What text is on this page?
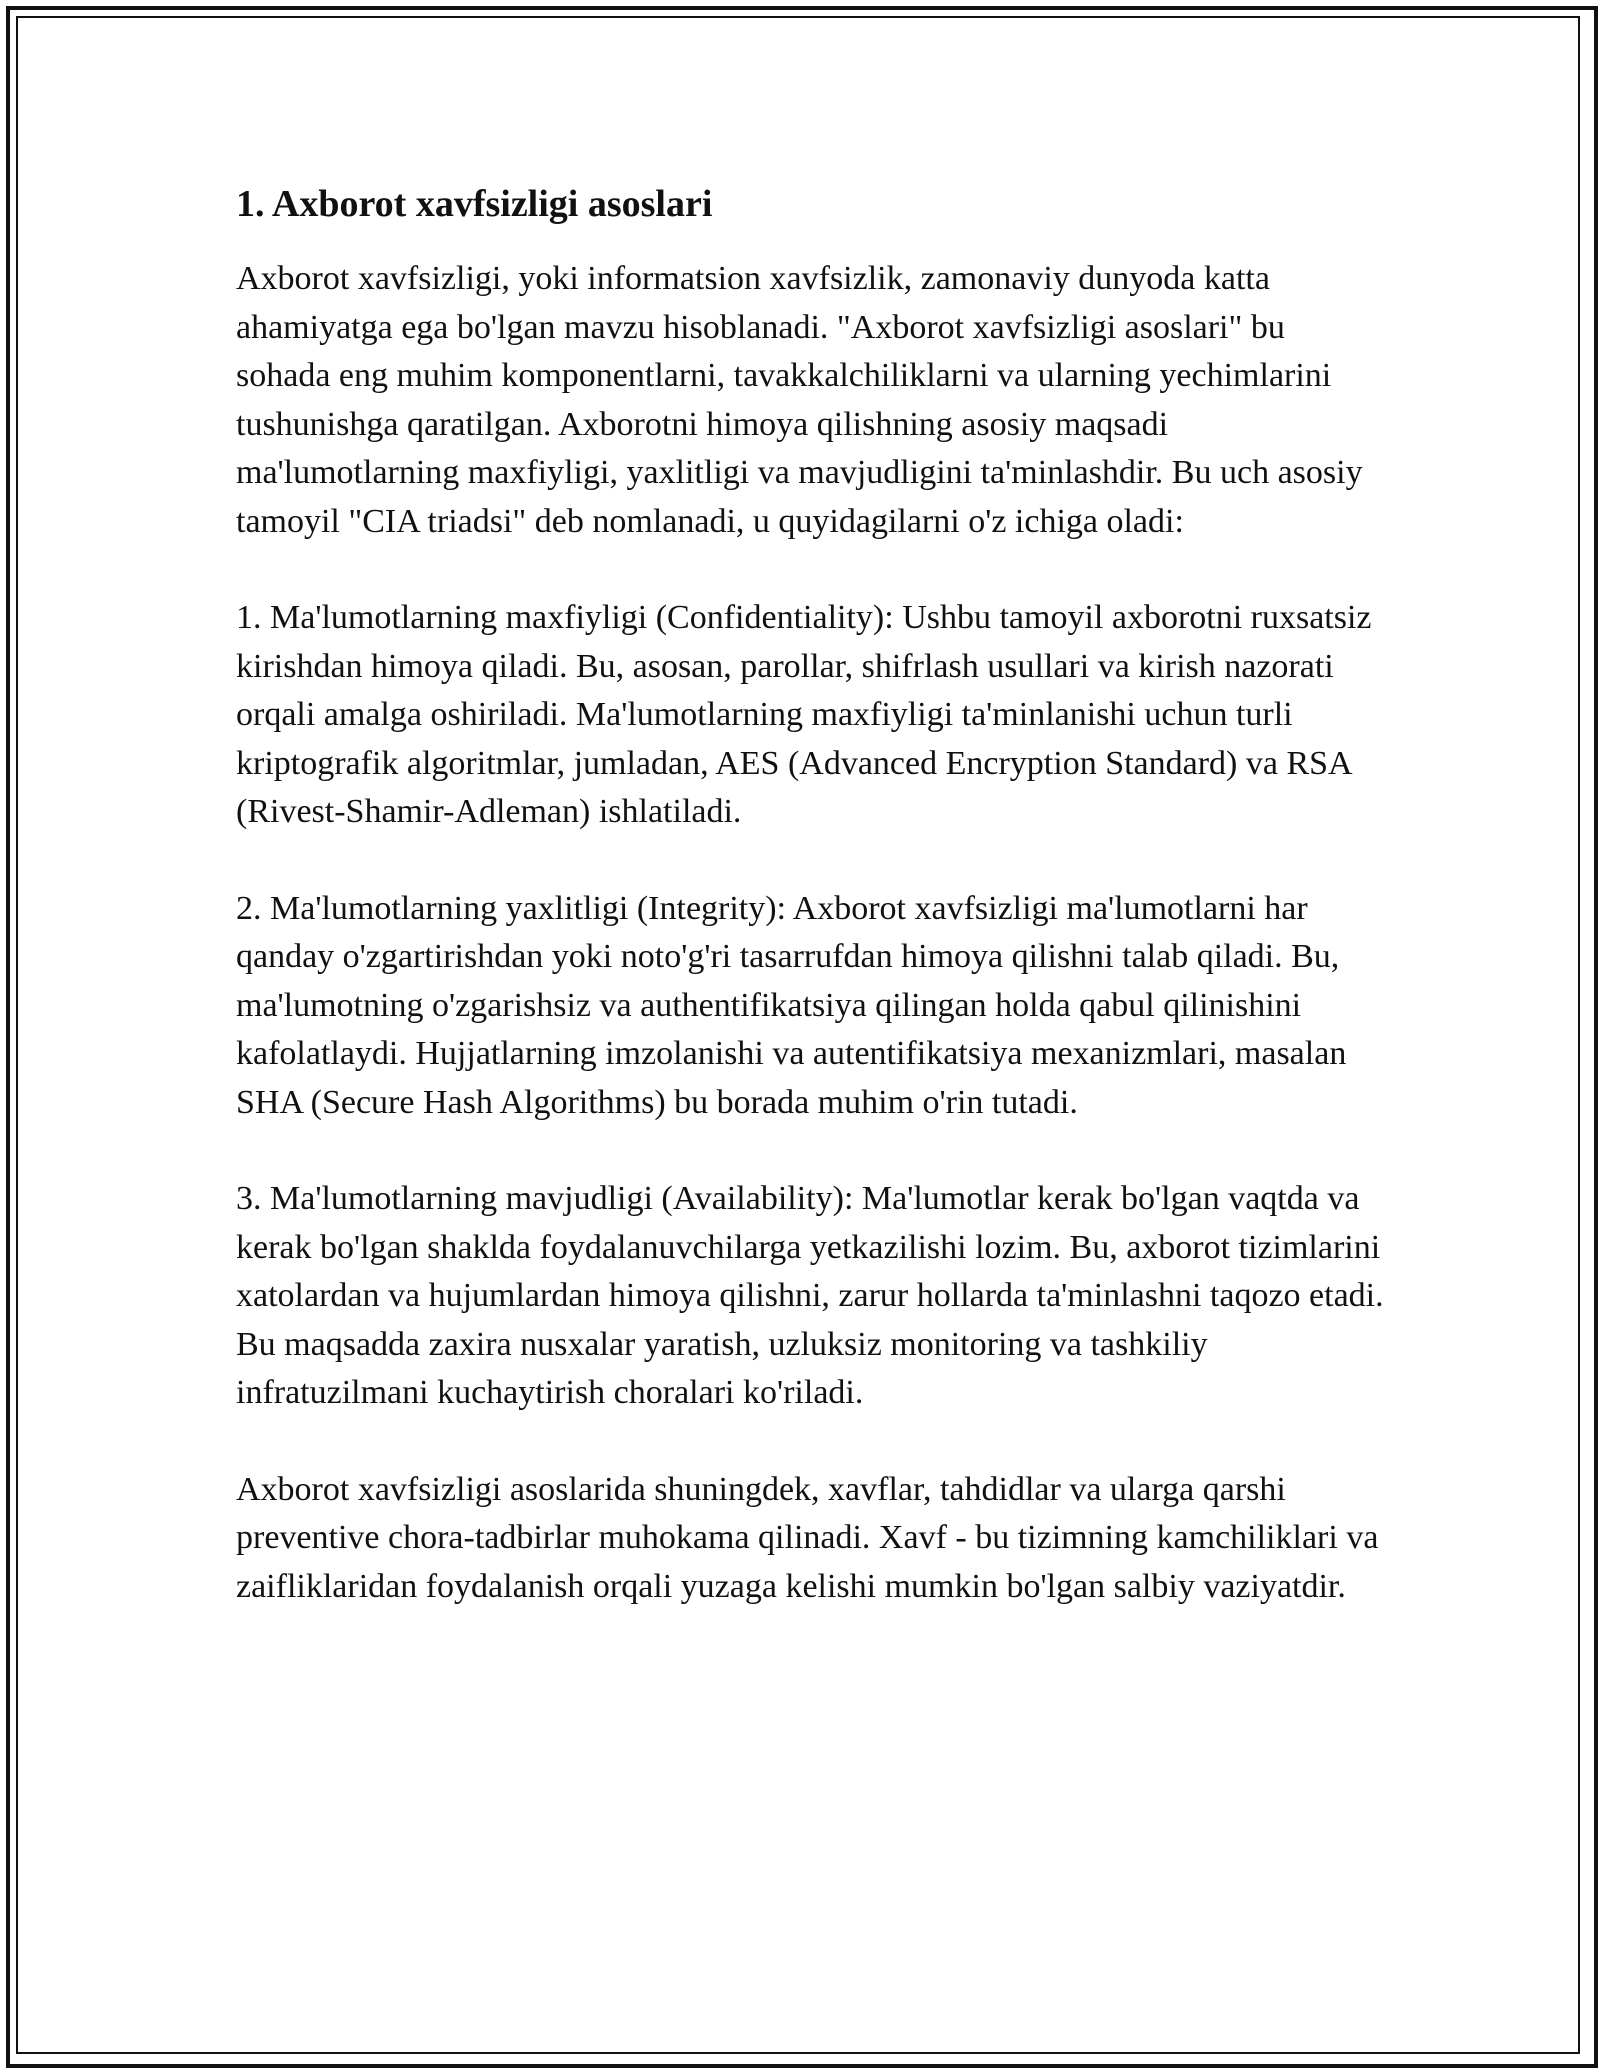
1. Axborot xavfsizligi asoslari

Axborot xavfsizligi, yoki informatsion xavfsizlik, zamonaviy dunyoda katta ahamiyatga ega bo'lgan mavzu hisoblanadi. "Axborot xavfsizligi asoslari" bu sohada eng muhim komponentlarni, tavakkalchiliklarni va ularning yechimlarini tushunishga qaratilgan. Axborotni himoya qilishning asosiy maqsadi ma'lumotlarning maxfiyligi, yaxlitligi va mavjudligini ta'minlashdir. Bu uch asosiy tamoyil "CIA triadsi" deb nomlanadi, u quyidagilarni o'z ichiga oladi:

1. Ma'lumotlarning maxfiyligi (Confidentiality): Ushbu tamoyil axborotni ruxsatsiz kirishdan himoya qiladi. Bu, asosan, parollar, shifrlash usullari va kirish nazorati orqali amalga oshiriladi. Ma'lumotlarning maxfiyligi ta'minlanishi uchun turli kriptografik algoritmlar, jumladan, AES (Advanced Encryption Standard) va RSA (Rivest-Shamir-Adleman) ishlatiladi.

2. Ma'lumotlarning yaxlitligi (Integrity): Axborot xavfsizligi ma'lumotlarni har qanday o'zgartirishdan yoki noto'g'ri tasarrufdan himoya qilishni talab qiladi. Bu, ma'lumotning o'zgarishsiz va authentifikatsiya qilingan holda qabul qilinishini kafolatlaydi. Hujjatlarning imzolanishi va autentifikatsiya mexanizmlari, masalan SHA (Secure Hash Algorithms) bu borada muhim o'rin tutadi.

3. Ma'lumotlarning mavjudligi (Availability): Ma'lumotlar kerak bo'lgan vaqtda va kerak bo'lgan shaklda foydalanuvchilarga yetkazilishi lozim. Bu, axborot tizimlarini xatolardan va hujumlardan himoya qilishni, zarur hollarda ta'minlashni taqozo etadi. Bu maqsadda zaxira nusxalar yaratish, uzluksiz monitoring va tashkiliy infratuzilmani kuchaytirish choralari ko'riladi.

Axborot xavfsizligi asoslarida shuningdek, xavflar, tahdidlar va ularga qarshi preventive chora-tadbirlar muhokama qilinadi. Xavf - bu tizimning kamchiliklari va zaifliklaridan foydalanish orqali yuzaga kelishi mumkin bo'lgan salbiy vaziyatdir.
